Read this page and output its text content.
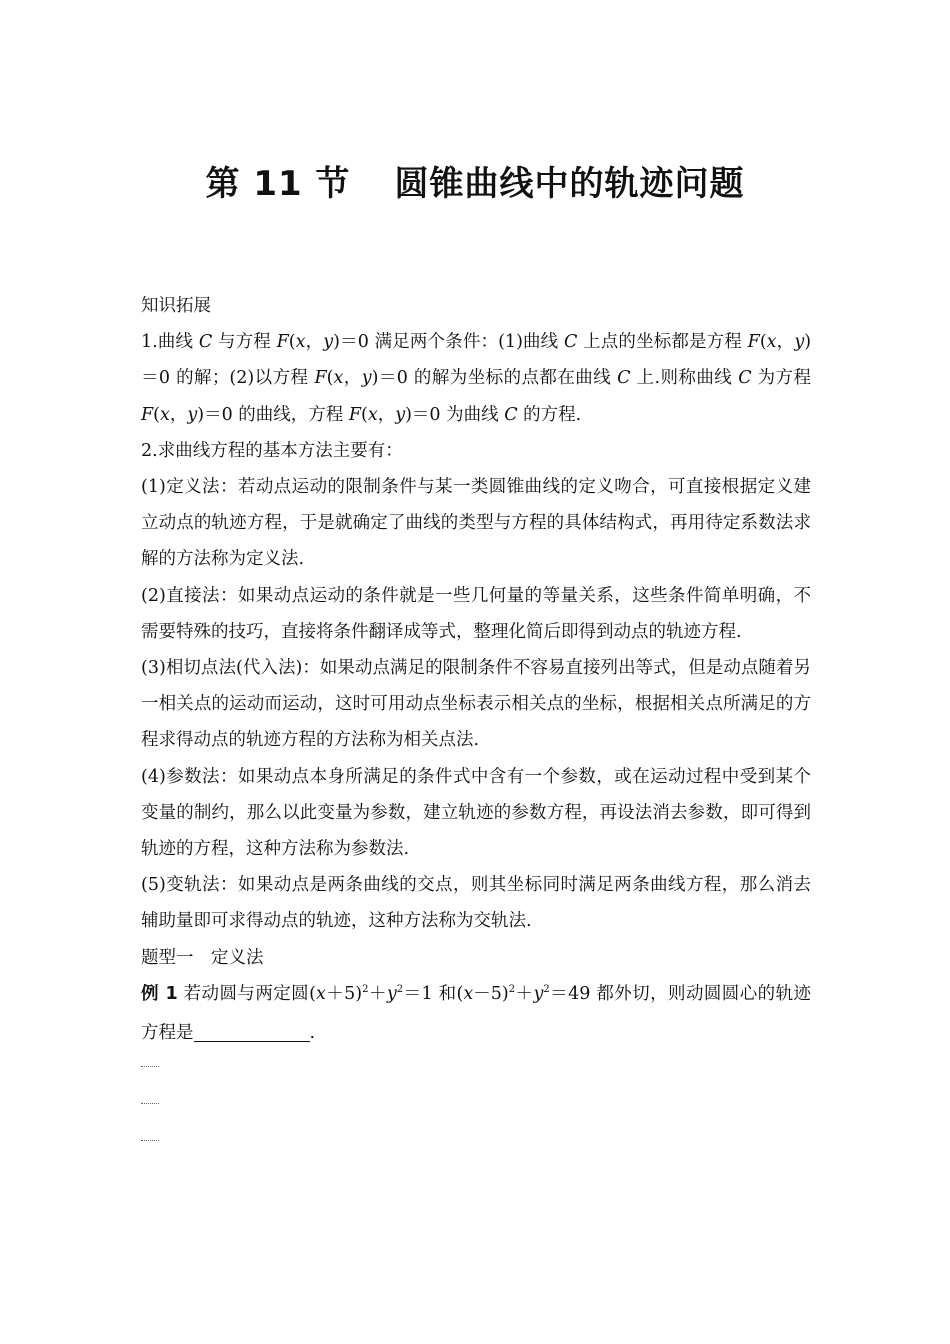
第 11 节 圆锥曲线中的轨迹问题

知识拓展

1.曲线 C 与方程 F(x，y)＝0 满足两个条件：(1)曲线 C 上点的坐标都是方程 F(x，y)＝0 的解；(2)以方程 F(x，y)＝0 的解为坐标的点都在曲线 C 上.则称曲线 C 为方程 F(x，y)＝0 的曲线，方程 F(x，y)＝0 为曲线 C 的方程.

2.求曲线方程的基本方法主要有：

(1)定义法：若动点运动的限制条件与某一类圆锥曲线的定义吻合，可直接根据定义建立动点的轨迹方程，于是就确定了曲线的类型与方程的具体结构式，再用待定系数法求解的方法称为定义法.

(2)直接法：如果动点运动的条件就是一些几何量的等量关系，这些条件简单明确，不需要特殊的技巧，直接将条件翻译成等式，整理化简后即得到动点的轨迹方程.

(3)相切点法(代入法)：如果动点满足的限制条件不容易直接列出等式，但是动点随着另一相关点的运动而运动，这时可用动点坐标表示相关点的坐标，根据相关点所满足的方程求得动点的轨迹方程的方法称为相关点法.

(4)参数法：如果动点本身所满足的条件式中含有一个参数，或在运动过程中受到某个变量的制约，那么以此变量为参数，建立轨迹的参数方程，再设法消去参数，即可得到轨迹的方程，这种方法称为参数法.

(5)变轨法：如果动点是两条曲线的交点，则其坐标同时满足两条曲线方程，那么消去辅助量即可求得动点的轨迹，这种方法称为交轨法.

题型一　定义法

例 1 若动圆与两定圆$(x+5)^2+y^2=1$ 和$(x-5)^2+y^2=49$ 都外切，则动圆圆心的轨迹方程是	.
